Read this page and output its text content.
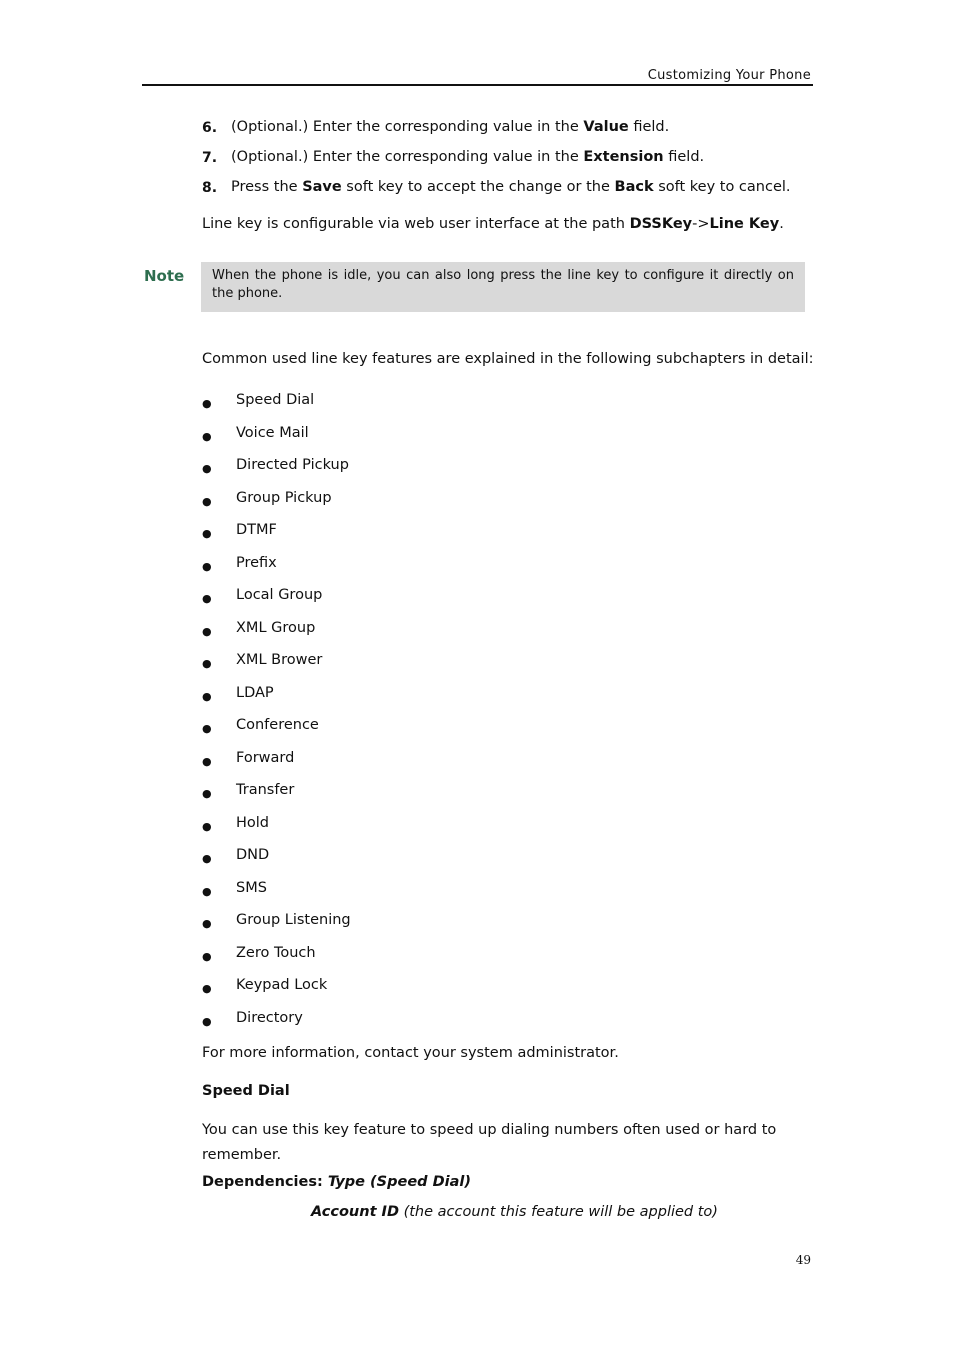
Customizing Your Phone
6. (Optional.) Enter the corresponding value in the Value field.
7. (Optional.) Enter the corresponding value in the Extension field.
8. Press the Save soft key to accept the change or the Back soft key to cancel.

Line key is configurable via web user interface at the path DSSKey->Line Key.

Note	When the phone is idle, you can also long press the line key to configure it directly on the phone.

Common used line key features are explained in the following subchapters in detail:

● Speed Dial
● Voice Mail
● Directed Pickup
● Group Pickup
● DTMF
● Prefix
● Local Group
● XML Group
● XML Brower
● LDAP
● Conference
● Forward
● Transfer
● Hold
● DND
● SMS
● Group Listening
● Zero Touch
● Keypad Lock
● Directory

For more information, contact your system administrator.

Speed Dial

You can use this key feature to speed up dialing numbers often used or hard to remember.

Dependencies: Type (Speed Dial)

Account ID (the account this feature will be applied to)

49
